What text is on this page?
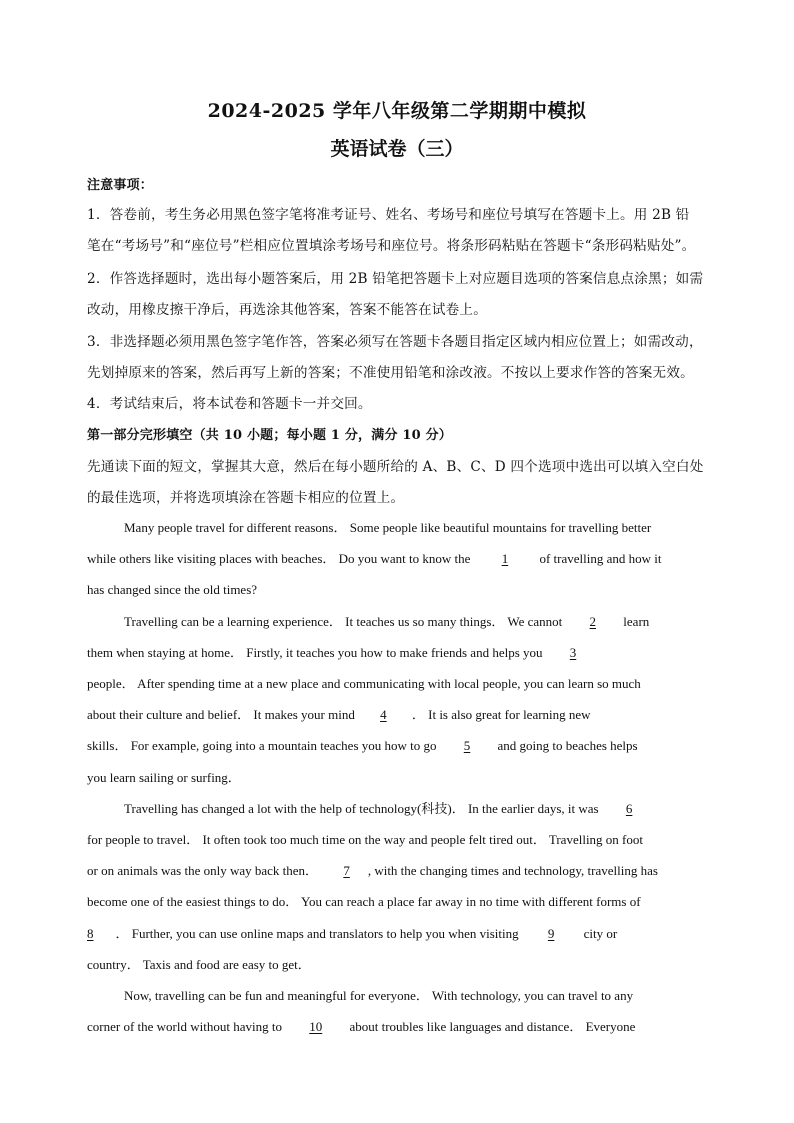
2024-2025 学年八年级第二学期期中模拟
英语试卷（三）
注意事项：
1．答卷前，考生务必用黑色签字笔将准考证号、姓名、考场号和座位号填写在答题卡上。用 2B 铅
笔在“考场号”和“座位号”栏相应位置填涂考场号和座位号。将条形码粘贴在答题卡“条形码粘贴处”。
2．作答选择题时，选出每小题答案后，用 2B 铅笔把答题卡上对应题目选项的答案信息点涂黑；如需
改动，用橡皮擦干净后，再选涂其他答案，答案不能答在试卷上。
3．非选择题必须用黑色签字笔作答，答案必须写在答题卡各题目指定区域内相应位置上；如需改动，
先划掉原来的答案，然后再写上新的答案；不准使用铅笔和涂改液。不按以上要求作答的答案无效。
4．考试结束后，将本试卷和答题卡一并交回。
第一部分完形填空（共 10 小题；每小题 1 分，满分 10 分）
先通读下面的短文，掌握其大意，然后在每小题所给的 A、B、C、D 四个选项中选出可以填入空白处
的最佳选项，并将选项填涂在答题卡相应的位置上。
Many people travel for different reasons． Some people like beautiful mountains for travelling better
while others like visiting places with beaches． Do you want to know the 1 of travelling and how it
has changed since the old times?
Travelling can be a learning experience． It teaches us so many things． We cannot 2 learn
them when staying at home． Firstly, it teaches you how to make friends and helps you 3
people． After spending time at a new place and communicating with local people, you can learn so much
about their culture and belief． It makes your mind 4 ． It is also great for learning new
skills． For example, going into a mountain teaches you how to go 5 and going to beaches helps
you learn sailing or surfing．
Travelling has changed a lot with the help of technology(科技)． In the earlier days, it was 6
for people to travel． It often took too much time on the way and people felt tired out． Travelling on foot
or on animals was the only way back then． 7 , with the changing times and technology, travelling has
become one of the easiest things to do． You can reach a place far away in no time with different forms of
8 ． Further, you can use online maps and translators to help you when visiting 9 city or
country． Taxis and food are easy to get．
Now, travelling can be fun and meaningful for everyone． With technology, you can travel to any
corner of the world without having to 10 about troubles like languages and distance． Everyone
